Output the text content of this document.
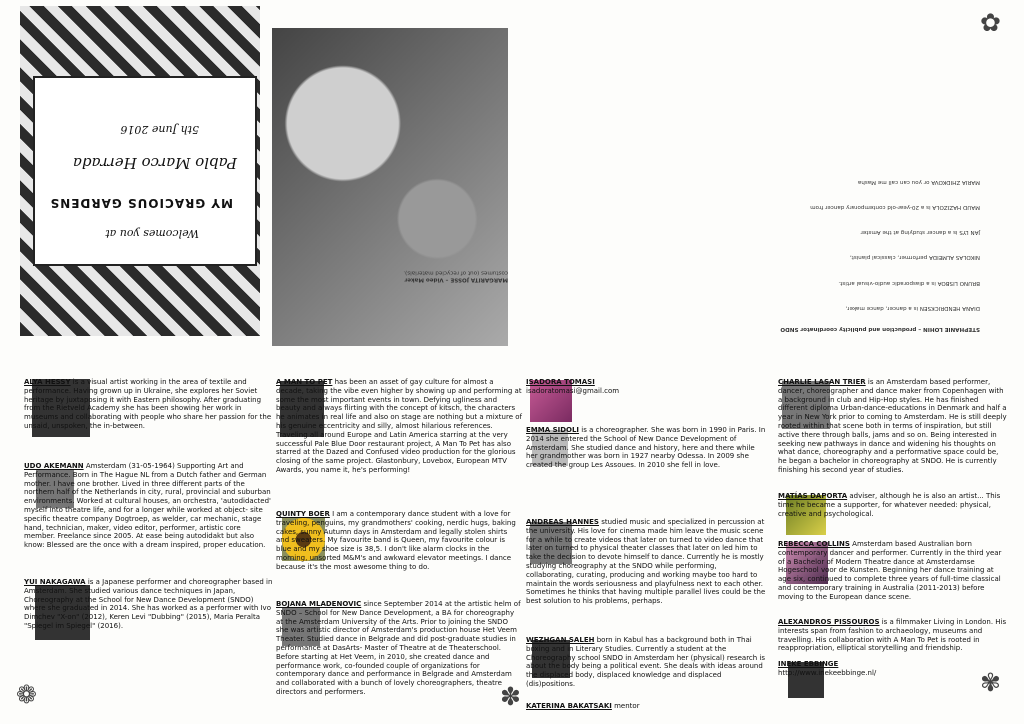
MY GRACIOUS GARDENS
Welcomes you at
Pablo Marco Herrada
5th June 2016
MARGARITA JOSSE – Video Maker
costumes (out of recycled materials).
STEPHANIE LOHIN – production and publicity coordinator SNDO
DIANA HENDRICKSEN is a dancer, dance maker,
BRUNO LISBOA is a diasporadic audio-visual artist.
NIKOLAS ALMEIDA performer, classical pianist,
JAN LYS is a dancer studying at the Amster
MAUD HAZIZOLA is a 20-year-old contemporary dancer from
MARIA ZHIDKOVA or you can call me Masha
✿
❁	✽	✾
ALYA HESSY is a visual artist working in the area of textile and performance. Having grown up in Ukraine, she explores her Soviet heritage by juxtaposing it with Eastern philosophy. After graduating from the Rietveld Academy she has been showing her work in museums and collaborating with people who share her passion for the unsaid, unspoken, the in-between.
UDO AKEMANN Amsterdam (31-05-1964) Supporting Art and Performance. Born in The Hague NL from a Dutch father and German mother. I have one brother. Lived in three different parts of the northern half of the Netherlands in city, rural, provincial and suburban environments. Worked at cultural houses, an orchestra, 'autodidacted' myself into theatre life, and for a longer while worked at object- site specific theatre company Dogtroep, as welder, car mechanic, stage hand, technician, maker, video editor, performer, artistic core member. Freelance since 2005. At ease being autodidakt but also know: Blessed are the once with a dream inspired, proper education.
YUI NAKAGAWA is a Japanese performer and choreographer based in Amsterdam. She studied various dance techniques in Japan, Choreography at the School for New Dance Development (SNDO) where she graduated in 2014. She has worked as a performer with Ivo Dimchev "X-on" (2012), Keren Levi "Dubbing" (2015), Maria Peralta "Spiegel im Spiegel" (2016).
A MAN TO PET has been an asset of gay culture for almost a decade, taking the vibe even higher by showing up and performing at some the most important events in town. Defying ugliness and beauty and always flirting with the concept of kitsch, the characters he animates in real life and also on stage are nothing but a mixture of his genuine eccentricity and silly, almost hilarious references. Traveling all around Europe and Latin America starring at the very successful Pale Blue Door restaurant project, A Man To Pet has also starred at the Dazed and Confused video production for the glorious closing of the same project. Glastonbury, Lovebox, European MTV Awards, you name it, he's performing!
QUINTY BOER I am a contemporary dance student with a love for traveling, penguins, my grandmothers' cooking, nerdic hugs, baking cakes, sunny Autumn days in Amsterdam and legally stolen shirts and sweaters. My favourite band is Queen, my favourite colour is blue and my shoe size is 38,5. I don't like alarm clocks in the morning, unsorted M&M's and awkward elevator meetings. I dance because it's the most awesome thing to do.
BOJANA MLADENOVIC since September 2014 at the artistic helm of SNDO – School for New Dance Development, a BA for choreography at the Amsterdam University of the Arts. Prior to joining the SNDO she was artistic director of Amsterdam's production house Het Veem Theater. Studied dance in Belgrade and did post-graduate studies in performance at DasArts- Master of Theatre at de Theaterschool. Before starting at Het Veem, in 2010, she created dance and performance work, co-founded couple of organizations for contemporary dance and performance in Belgrade and Amsterdam and collaborated with a bunch of lovely choreographers, theatre directors and performers.
ISADORA TOMASI
isadoratomasi@gmail.com
EMMA SIDOLI is a choreographer. She was born in 1990 in Paris. In 2014 she entered the School of New Dance Development of Amsterdam. She studied dance and history, here and there while her grandmother was born in 1927 nearby Odessa. In 2009 she created the group Les Assoues. In 2010 she fell in love.
ANDREAS HANNES studied music and specialized in percussion at the university. His love for cinema made him leave the music scene for a while to create videos that later on turned to video dance that later on turned to physical theater classes that later on led him to take the decision to devote himself to dance. Currently he is mostly studying choreography at the SNDO while performing, collaborating, curating, producing and working maybe too hard to maintain the words seriousness and playfulness next to each other. Sometimes he thinks that having multiple parallel lives could be the best solution to his problems, perhaps.
WEZHGAN SALEH born in Kabul has a background both in Thai boxing and in Literary Studies. Currently a student at the Choreography school SNDO in Amsterdam her (physical) research is about the body being a political event. She deals with ideas around the displaced body, displaced knowledge and displaced (dis)positions.
KATERINA BAKATSAKI mentor
CHARLIE LASAN TRIER is an Amsterdam based performer, dancer, choreographer and dance maker from Copenhagen with a background in club and Hip-Hop styles. He has finished different diploma Urban-dance-educations in Denmark and half a year in New York prior to coming to Amsterdam. He is still deeply rooted within that scene both in terms of inspiration, but still active there through balls, jams and so on. Being interested in seeking new pathways in dance and widening his thoughts on what dance, choreography and a performative space could be, he began a bachelor in choreography at SNDO. He is currently finishing his second year of studies.
MATÍAS DAPORTA adviser, although he is also an artist... This time he became a supporter, for whatever needed: physical, creative and psychological.
REBECCA COLLINS Amsterdam based Australian born contemporary dancer and performer. Currently in the third year of a Bachelor of Modern Theatre dance at Amsterdamse Hogeschool voor de Kunsten. Beginning her dance training at age six, continued to complete three years of full-time classical and contemporary training in Australia (2011-2013) before moving to the European dance scene.
ALEXANDROS PISSOUROS is a filmmaker Living in London. His interests span from fashion to archaeology, museums and travelling. His collaboration with A Man To Pet is rooted in reappropriation, elliptical storytelling and friendship.
INEKE EBBINGE
http://www.inekeebbinge.nl/
